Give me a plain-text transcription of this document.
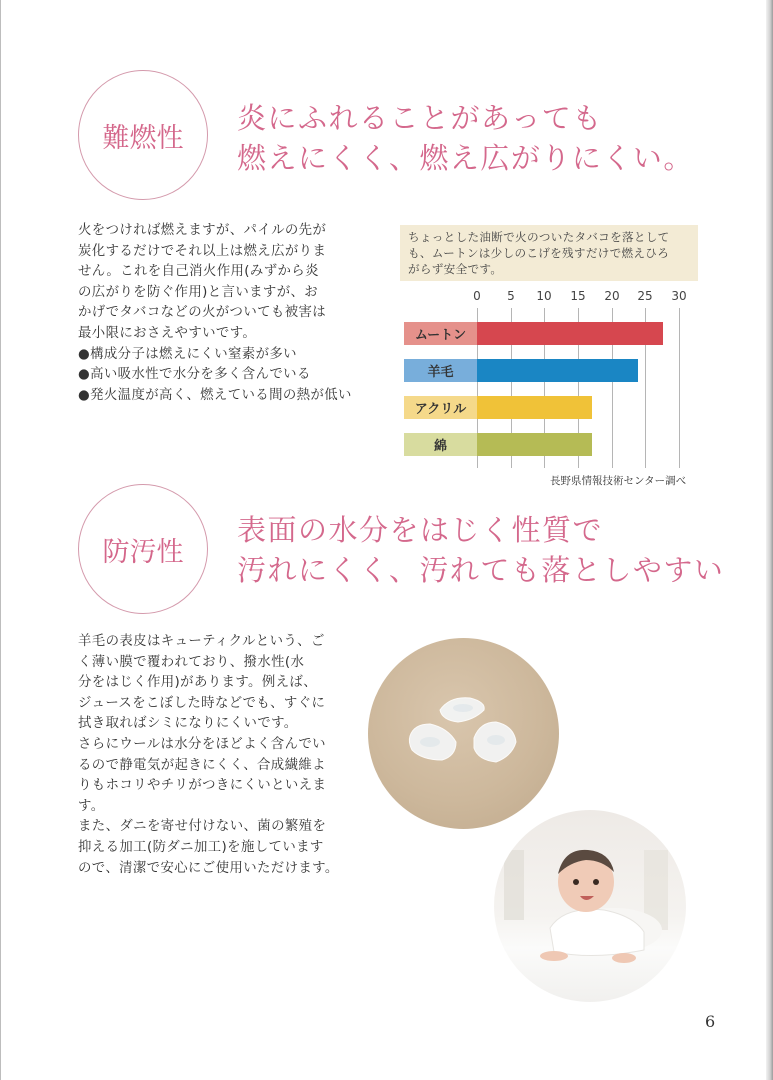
難燃性
炎にふれることがあっても
燃えにくく、燃え広がりにくい。

火をつければ燃えますが、パイルの先が

炭化するだけでそれ以上は燃え広がりま

せん。これを自己消火作用(みずから炎

の広がりを防ぐ作用)と言いますが、お

かげでタバコなどの火がついても被害は

最小限におさえやすいです。

●構成分子は燃えにくい窒素が多い

●高い吸水性で水分を多く含んでいる

●発火温度が高く、燃えている間の熱が低い

ちょっとした油断で火のついたタバコを落として

も、ムートンは少しのこげを残すだけで燃えひろ

がらず安全です。

0 5 10 15 20 25 30
ムートン
羊毛
アクリル
綿
長野県情報技術センター調べ
防汚性
表面の水分をはじく性質で
汚れにくく、汚れても落としやすい

羊毛の表皮はキューティクルという、ご

く薄い膜で覆われており、撥水性(水

分をはじく作用)があります。例えば、

ジュースをこぼした時などでも、すぐに

拭き取ればシミになりにくいです。

さらにウールは水分をほどよく含んでい

るので静電気が起きにくく、合成繊維よ

りもホコリやチリがつきにくいといえま

す。

また、ダニを寄せ付けない、菌の繁殖を

抑える加工(防ダニ加工)を施しています

ので、清潔で安心にご使用いただけます。

6
